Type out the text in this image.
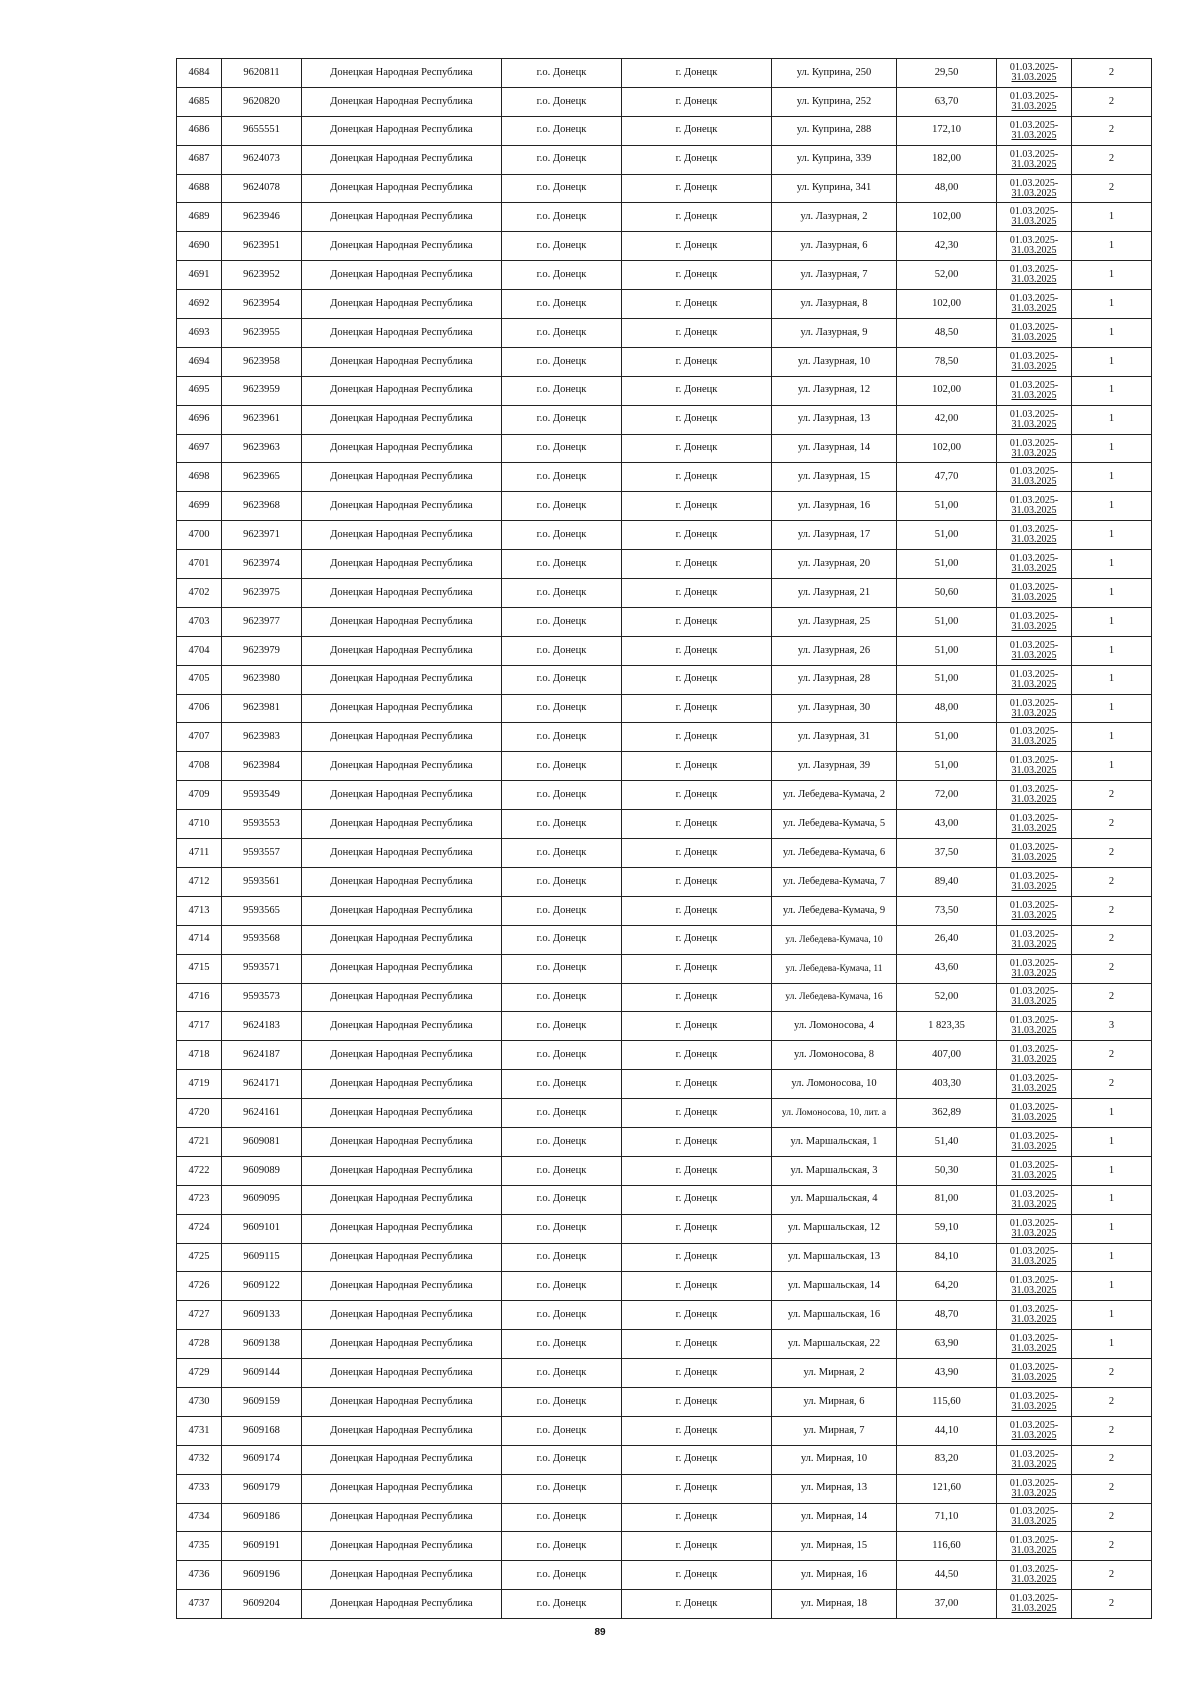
4684	9620811	Донецкая Народная Республика	г.о. Донецк	г. Донецк	ул. Куприна, 250	29,50	01.03.2025-
31.03.2025	2
4685	9620820	Донецкая Народная Республика	г.о. Донецк	г. Донецк	ул. Куприна, 252	63,70	01.03.2025-
31.03.2025	2
4686	9655551	Донецкая Народная Республика	г.о. Донецк	г. Донецк	ул. Куприна, 288	172,10	01.03.2025-
31.03.2025	2
4687	9624073	Донецкая Народная Республика	г.о. Донецк	г. Донецк	ул. Куприна, 339	182,00	01.03.2025-
31.03.2025	2
4688	9624078	Донецкая Народная Республика	г.о. Донецк	г. Донецк	ул. Куприна, 341	48,00	01.03.2025-
31.03.2025	2
4689	9623946	Донецкая Народная Республика	г.о. Донецк	г. Донецк	ул. Лазурная, 2	102,00	01.03.2025-
31.03.2025	1
4690	9623951	Донецкая Народная Республика	г.о. Донецк	г. Донецк	ул. Лазурная, 6	42,30	01.03.2025-
31.03.2025	1
4691	9623952	Донецкая Народная Республика	г.о. Донецк	г. Донецк	ул. Лазурная, 7	52,00	01.03.2025-
31.03.2025	1
4692	9623954	Донецкая Народная Республика	г.о. Донецк	г. Донецк	ул. Лазурная, 8	102,00	01.03.2025-
31.03.2025	1
4693	9623955	Донецкая Народная Республика	г.о. Донецк	г. Донецк	ул. Лазурная, 9	48,50	01.03.2025-
31.03.2025	1
4694	9623958	Донецкая Народная Республика	г.о. Донецк	г. Донецк	ул. Лазурная, 10	78,50	01.03.2025-
31.03.2025	1
4695	9623959	Донецкая Народная Республика	г.о. Донецк	г. Донецк	ул. Лазурная, 12	102,00	01.03.2025-
31.03.2025	1
4696	9623961	Донецкая Народная Республика	г.о. Донецк	г. Донецк	ул. Лазурная, 13	42,00	01.03.2025-
31.03.2025	1
4697	9623963	Донецкая Народная Республика	г.о. Донецк	г. Донецк	ул. Лазурная, 14	102,00	01.03.2025-
31.03.2025	1
4698	9623965	Донецкая Народная Республика	г.о. Донецк	г. Донецк	ул. Лазурная, 15	47,70	01.03.2025-
31.03.2025	1
4699	9623968	Донецкая Народная Республика	г.о. Донецк	г. Донецк	ул. Лазурная, 16	51,00	01.03.2025-
31.03.2025	1
4700	9623971	Донецкая Народная Республика	г.о. Донецк	г. Донецк	ул. Лазурная, 17	51,00	01.03.2025-
31.03.2025	1
4701	9623974	Донецкая Народная Республика	г.о. Донецк	г. Донецк	ул. Лазурная, 20	51,00	01.03.2025-
31.03.2025	1
4702	9623975	Донецкая Народная Республика	г.о. Донецк	г. Донецк	ул. Лазурная, 21	50,60	01.03.2025-
31.03.2025	1
4703	9623977	Донецкая Народная Республика	г.о. Донецк	г. Донецк	ул. Лазурная, 25	51,00	01.03.2025-
31.03.2025	1
4704	9623979	Донецкая Народная Республика	г.о. Донецк	г. Донецк	ул. Лазурная, 26	51,00	01.03.2025-
31.03.2025	1
4705	9623980	Донецкая Народная Республика	г.о. Донецк	г. Донецк	ул. Лазурная, 28	51,00	01.03.2025-
31.03.2025	1
4706	9623981	Донецкая Народная Республика	г.о. Донецк	г. Донецк	ул. Лазурная, 30	48,00	01.03.2025-
31.03.2025	1
4707	9623983	Донецкая Народная Республика	г.о. Донецк	г. Донецк	ул. Лазурная, 31	51,00	01.03.2025-
31.03.2025	1
4708	9623984	Донецкая Народная Республика	г.о. Донецк	г. Донецк	ул. Лазурная, 39	51,00	01.03.2025-
31.03.2025	1
4709	9593549	Донецкая Народная Республика	г.о. Донецк	г. Донецк	ул. Лебедева-Кумача, 2	72,00	01.03.2025-
31.03.2025	2
4710	9593553	Донецкая Народная Республика	г.о. Донецк	г. Донецк	ул. Лебедева-Кумача, 5	43,00	01.03.2025-
31.03.2025	2
4711	9593557	Донецкая Народная Республика	г.о. Донецк	г. Донецк	ул. Лебедева-Кумача, 6	37,50	01.03.2025-
31.03.2025	2
4712	9593561	Донецкая Народная Республика	г.о. Донецк	г. Донецк	ул. Лебедева-Кумача, 7	89,40	01.03.2025-
31.03.2025	2
4713	9593565	Донецкая Народная Республика	г.о. Донецк	г. Донецк	ул. Лебедева-Кумача, 9	73,50	01.03.2025-
31.03.2025	2
4714	9593568	Донецкая Народная Республика	г.о. Донецк	г. Донецк	ул. Лебедева-Кумача, 10	26,40	01.03.2025-
31.03.2025	2
4715	9593571	Донецкая Народная Республика	г.о. Донецк	г. Донецк	ул. Лебедева-Кумача, 11	43,60	01.03.2025-
31.03.2025	2
4716	9593573	Донецкая Народная Республика	г.о. Донецк	г. Донецк	ул. Лебедева-Кумача, 16	52,00	01.03.2025-
31.03.2025	2
4717	9624183	Донецкая Народная Республика	г.о. Донецк	г. Донецк	ул. Ломоносова, 4	1 823,35	01.03.2025-
31.03.2025	3
4718	9624187	Донецкая Народная Республика	г.о. Донецк	г. Донецк	ул. Ломоносова, 8	407,00	01.03.2025-
31.03.2025	2
4719	9624171	Донецкая Народная Республика	г.о. Донецк	г. Донецк	ул. Ломоносова, 10	403,30	01.03.2025-
31.03.2025	2
4720	9624161	Донецкая Народная Республика	г.о. Донецк	г. Донецк	ул. Ломоносова, 10, лит. а	362,89	01.03.2025-
31.03.2025	1
4721	9609081	Донецкая Народная Республика	г.о. Донецк	г. Донецк	ул. Маршальская, 1	51,40	01.03.2025-
31.03.2025	1
4722	9609089	Донецкая Народная Республика	г.о. Донецк	г. Донецк	ул. Маршальская, 3	50,30	01.03.2025-
31.03.2025	1
4723	9609095	Донецкая Народная Республика	г.о. Донецк	г. Донецк	ул. Маршальская, 4	81,00	01.03.2025-
31.03.2025	1
4724	9609101	Донецкая Народная Республика	г.о. Донецк	г. Донецк	ул. Маршальская, 12	59,10	01.03.2025-
31.03.2025	1
4725	9609115	Донецкая Народная Республика	г.о. Донецк	г. Донецк	ул. Маршальская, 13	84,10	01.03.2025-
31.03.2025	1
4726	9609122	Донецкая Народная Республика	г.о. Донецк	г. Донецк	ул. Маршальская, 14	64,20	01.03.2025-
31.03.2025	1
4727	9609133	Донецкая Народная Республика	г.о. Донецк	г. Донецк	ул. Маршальская, 16	48,70	01.03.2025-
31.03.2025	1
4728	9609138	Донецкая Народная Республика	г.о. Донецк	г. Донецк	ул. Маршальская, 22	63,90	01.03.2025-
31.03.2025	1
4729	9609144	Донецкая Народная Республика	г.о. Донецк	г. Донецк	ул. Мирная, 2	43,90	01.03.2025-
31.03.2025	2
4730	9609159	Донецкая Народная Республика	г.о. Донецк	г. Донецк	ул. Мирная, 6	115,60	01.03.2025-
31.03.2025	2
4731	9609168	Донецкая Народная Республика	г.о. Донецк	г. Донецк	ул. Мирная, 7	44,10	01.03.2025-
31.03.2025	2
4732	9609174	Донецкая Народная Республика	г.о. Донецк	г. Донецк	ул. Мирная, 10	83,20	01.03.2025-
31.03.2025	2
4733	9609179	Донецкая Народная Республика	г.о. Донецк	г. Донецк	ул. Мирная, 13	121,60	01.03.2025-
31.03.2025	2
4734	9609186	Донецкая Народная Республика	г.о. Донецк	г. Донецк	ул. Мирная, 14	71,10	01.03.2025-
31.03.2025	2
4735	9609191	Донецкая Народная Республика	г.о. Донецк	г. Донецк	ул. Мирная, 15	116,60	01.03.2025-
31.03.2025	2
4736	9609196	Донецкая Народная Республика	г.о. Донецк	г. Донецк	ул. Мирная, 16	44,50	01.03.2025-
31.03.2025	2
4737	9609204	Донецкая Народная Республика	г.о. Донецк	г. Донецк	ул. Мирная, 18	37,00	01.03.2025-
31.03.2025	2
89
